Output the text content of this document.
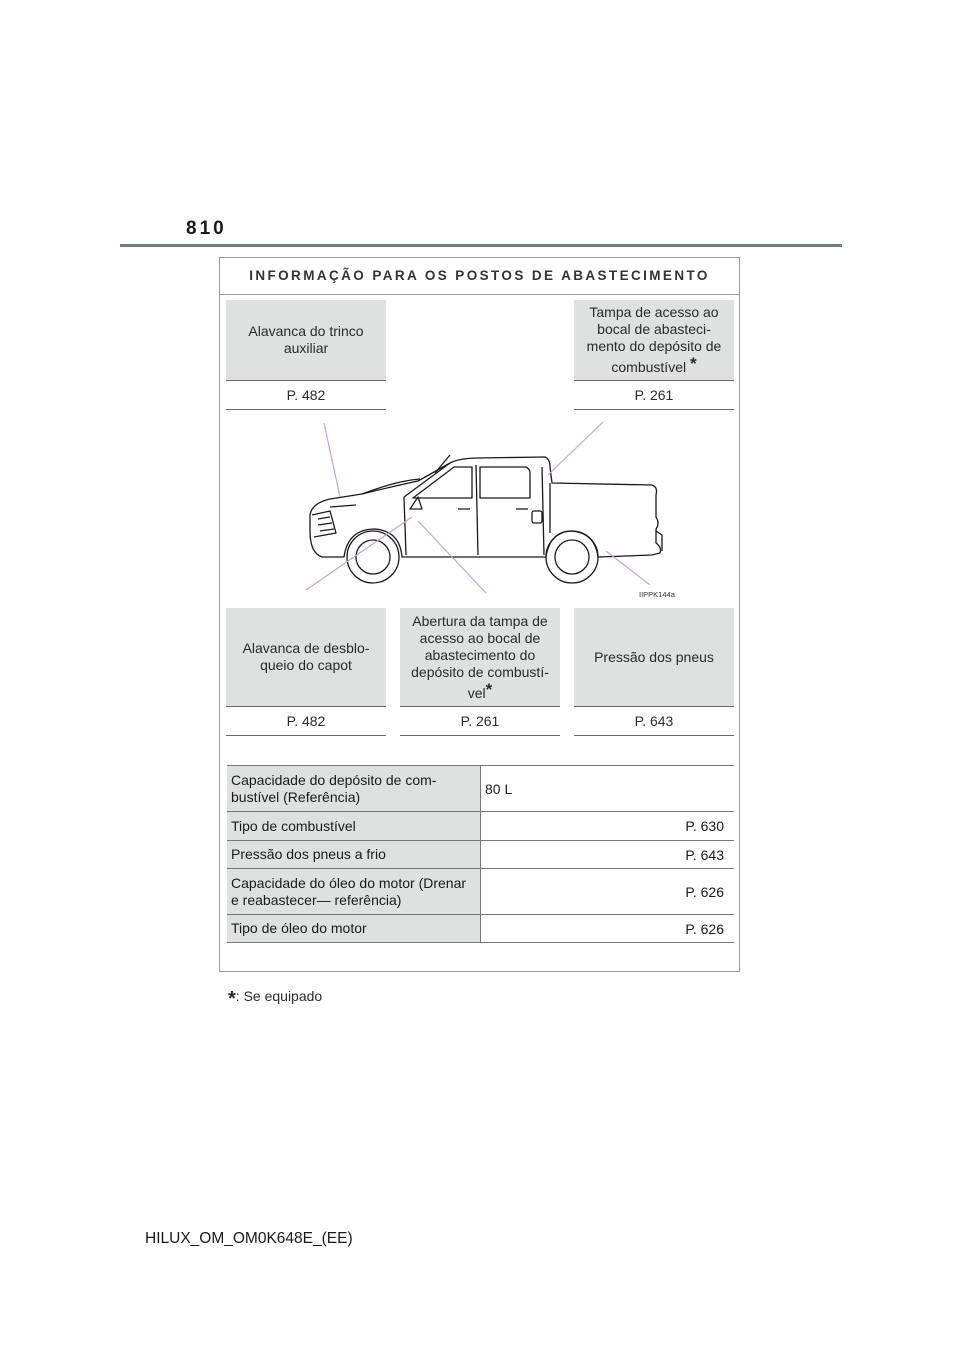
810
INFORMAÇÃO PARA OS POSTOS DE ABASTECIMENTO
Alavanca do trinco auxiliar
P. 482
Tampa de acesso ao bocal de abasteci-mento do depósito de combustível *
P. 261
IIPPK144a
Alavanca de desblo-queio do capot
P. 482
Abertura da tampa de acesso ao bocal de abastecimento do depósito de combustí-vel*
P. 261
Pressão dos pneus
P. 643
Capacidade do depósito de com-bustível (Referência)	80 L
Tipo de combustível	P. 630
Pressão dos pneus a frio	P. 643
Capacidade do óleo do motor (Drenar e reabastecer— referência)	P. 626
Tipo de óleo do motor	P. 626
*: Se equipado
HILUX_OM_OM0K648E_(EE)
